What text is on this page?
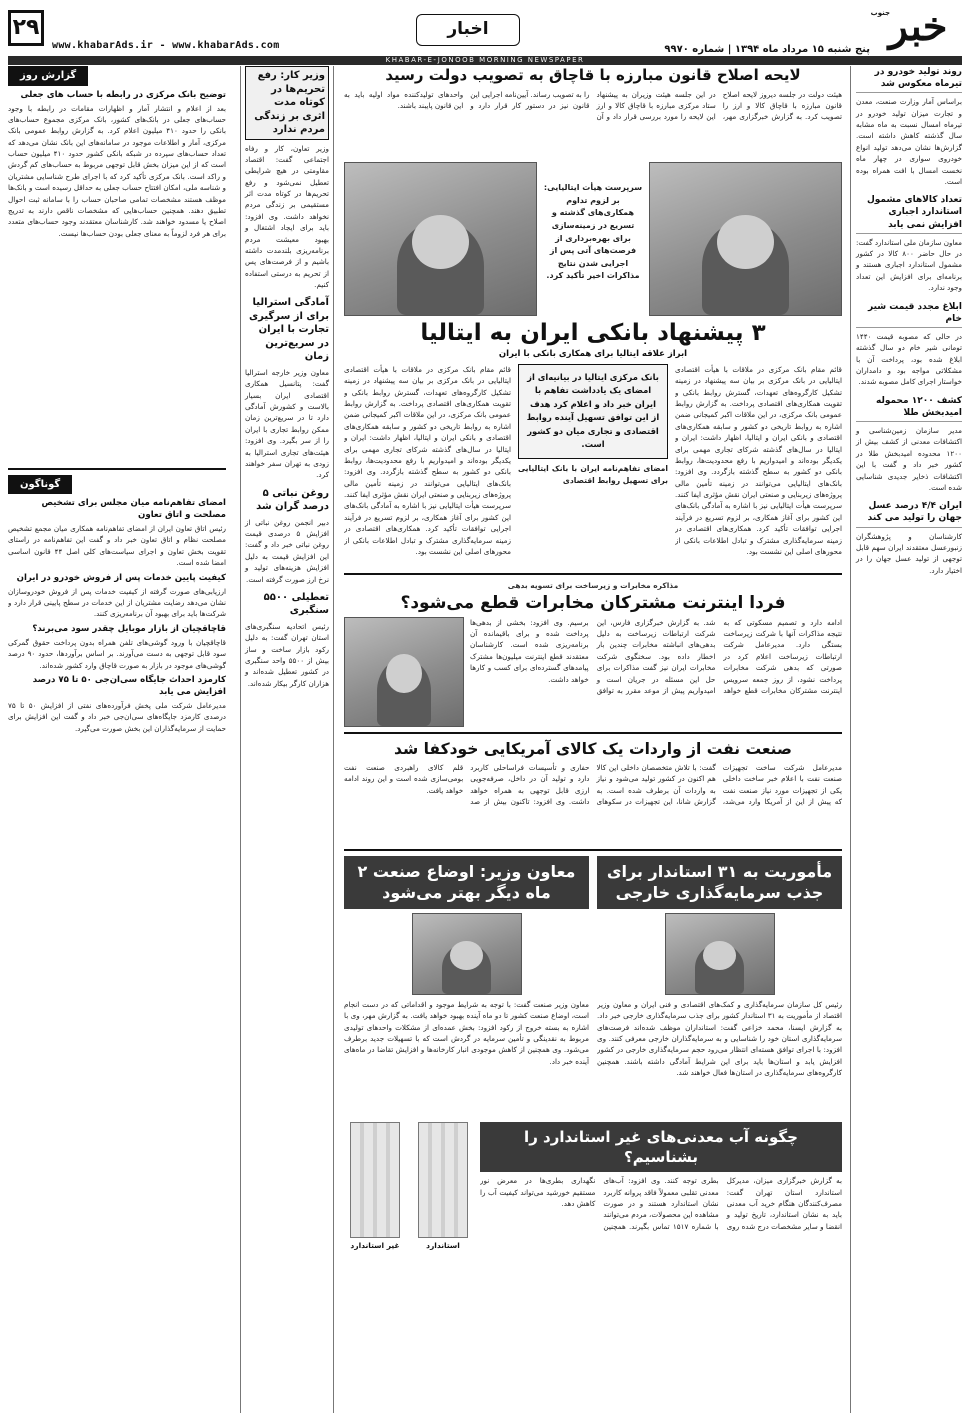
۲۹
www.khabarAds.ir - www.khabarAds.com
اخبار
جنوب
خبر
پنج شنبه ۱۵ مرداد ماه ۱۳۹۴ | شماره ۹۹۷۰
KHABAR-E-JONOOB MORNING NEWSPAPER
روند تولید خودرو در تیرماه معکوس شد
براساس آمار وزارت صنعت، معدن و تجارت میزان تولید خودرو در تیرماه امسال نسبت به ماه مشابه سال گذشته کاهش داشته است. گزارش‌ها نشان می‌دهد تولید انواع خودروی سواری در چهار ماه نخست امسال با افت همراه بوده است.
تعداد کالاهای مشمول استاندارد اجباری افزایش نمی یابد
معاون سازمان ملی استاندارد گفت: در حال حاضر ۸۰۰ کالا در کشور مشمول استاندارد اجباری هستند و برنامه‌ای برای افزایش این تعداد وجود ندارد.
ابلاغ مجدد قیمت شیر خام
در حالی که مصوبه قیمت ۱۴۴۰ تومانی شیر خام دو سال گذشته ابلاغ شده بود، پرداخت آن با مشکلاتی مواجه بود و دامداران خواستار اجرای کامل مصوبه شدند.
کشف ۱۲۰۰ محموله امیدبخش طلا
مدیر سازمان زمین‌شناسی و اکتشافات معدنی از کشف بیش از ۱۲۰۰ محدوده امیدبخش طلا در کشور خبر داد و گفت با این اکتشافات ذخایر جدیدی شناسایی شده است.
ایران ۴/۴ درصد عسل جهان را تولید می کند
کارشناسان و پژوهشگران زنبورعسل معتقدند ایران سهم قابل توجهی از تولید عسل جهان را در اختیار دارد.
لایحه اصلاح قانون مبارزه با قاچاق به تصویب دولت رسید
هیئت دولت در جلسه دیروز لایحه اصلاح قانون مبارزه با قاچاق کالا و ارز را تصویب کرد. به گزارش خبرگزاری مهر، در این جلسه هیئت وزیران به پیشنهاد ستاد مرکزی مبارزه با قاچاق کالا و ارز این لایحه را مورد بررسی قرار داد و آن را به تصویب رساند. آیین‌نامه اجرایی این قانون نیز در دستور کار قرار دارد و واحدهای تولیدکننده مواد اولیه باید به این قانون پایبند باشند.
سرپرست هیأت ایتالیایی: بر لزوم تداوم همکاری‌های گذشته و تسریع در زمینه‌سازی برای بهره‌برداری از فرصت‌های آتی پس از اجرایی شدن نتایج مذاکرات اخیر تأکید کرد.
۳ پیشنهاد بانکی ایران به ایتالیا
ابراز علاقه ایتالیا برای همکاری بانکی با ایران
قائم مقام بانک مرکزی در ملاقات با هیأت اقتصادی ایتالیایی در بانک مرکزی بر بیان سه پیشنهاد در زمینه تشکیل کارگروه‌های تعهدات، گسترش روابط بانکی و تقویت همکاری‌های اقتصادی پرداخت. به گزارش روابط عمومی بانک مرکزی، در این ملاقات اکبر کمیجانی ضمن اشاره به روابط تاریخی دو کشور و سابقه همکاری‌های اقتصادی و بانکی ایران و ایتالیا، اظهار داشت: ایران و ایتالیا در سال‌های گذشته شرکای تجاری مهمی برای یکدیگر بوده‌اند و امیدواریم با رفع محدودیت‌ها، روابط بانکی دو کشور به سطح گذشته بازگردد. وی افزود: بانک‌های ایتالیایی می‌توانند در زمینه تأمین مالی پروژه‌های زیربنایی و صنعتی ایران نقش مؤثری ایفا کنند. سرپرست هیأت ایتالیایی نیز با اشاره به آمادگی بانک‌های این کشور برای آغاز همکاری، بر لزوم تسریع در فرآیند اجرایی توافقات تأکید کرد. همکاری‌های اقتصادی در زمینه سرمایه‌گذاری مشترک و تبادل اطلاعات بانکی از محورهای اصلی این نشست بود.
بانک مرکزی ایتالیا در بیانیه‌ای از امضای یک یادداشت تفاهم با ایران خبر داد و اعلام کرد هدف از این توافق تسهیل آینده روابط اقتصادی و تجاری میان دو کشور است.
امضای تفاهم‌نامه ایران با بانک ایتالیایی برای تسهیل روابط اقتصادی
قائم مقام بانک مرکزی در ملاقات با هیأت اقتصادی ایتالیایی در بانک مرکزی بر بیان سه پیشنهاد در زمینه تشکیل کارگروه‌های تعهدات، گسترش روابط بانکی و تقویت همکاری‌های اقتصادی پرداخت. به گزارش روابط عمومی بانک مرکزی، در این ملاقات اکبر کمیجانی ضمن اشاره به روابط تاریخی دو کشور و سابقه همکاری‌های اقتصادی و بانکی ایران و ایتالیا، اظهار داشت: ایران و ایتالیا در سال‌های گذشته شرکای تجاری مهمی برای یکدیگر بوده‌اند و امیدواریم با رفع محدودیت‌ها، روابط بانکی دو کشور به سطح گذشته بازگردد. وی افزود: بانک‌های ایتالیایی می‌توانند در زمینه تأمین مالی پروژه‌های زیربنایی و صنعتی ایران نقش مؤثری ایفا کنند. سرپرست هیأت ایتالیایی نیز با اشاره به آمادگی بانک‌های این کشور برای آغاز همکاری، بر لزوم تسریع در فرآیند اجرایی توافقات تأکید کرد. همکاری‌های اقتصادی در زمینه سرمایه‌گذاری مشترک و تبادل اطلاعات بانکی از محورهای اصلی این نشست بود.
مذاکره مخابرات و زیرساخت برای تسویه بدهی
فردا اینترنت مشترکان مخابرات قطع می‌شود؟
ادامه دارد و تصمیم مسکوتی که به نتیجه مذاکرات آنها با شرکت زیرساخت بستگی دارد. مدیرعامل شرکت ارتباطات زیرساخت اعلام کرد در صورتی که بدهی شرکت مخابرات پرداخت نشود، از روز جمعه سرویس اینترنت مشترکان مخابرات قطع خواهد شد. به گزارش خبرگزاری فارس، این شرکت ارتباطات زیرساخت به دلیل بدهی‌های انباشته مخابرات چندین بار اخطار داده بود. سخنگوی شرکت مخابرات ایران نیز گفت مذاکرات برای حل این مسئله در جریان است و امیدواریم پیش از موعد مقرر به توافق برسیم. وی افزود: بخشی از بدهی‌ها پرداخت شده و برای باقیمانده آن برنامه‌ریزی شده است. کارشناسان معتقدند قطع اینترنت میلیون‌ها مشترک پیامدهای گسترده‌ای برای کسب و کارها خواهد داشت.
صنعت نفت از واردات یک کالای آمریکایی خودکفا شد
مدیرعامل شرکت ساخت تجهیزات صنعت نفت با اعلام خبر ساخت داخلی یکی از تجهیزات مورد نیاز صنعت نفت که پیش از این از آمریکا وارد می‌شد، گفت: با تلاش متخصصان داخلی این کالا هم اکنون در کشور تولید می‌شود و نیاز به واردات آن برطرف شده است. به گزارش شانا، این تجهیزات در سکوهای حفاری و تأسیسات فراساحلی کاربرد دارد و تولید آن در داخل، صرفه‌جویی ارزی قابل توجهی به همراه خواهد داشت. وی افزود: تاکنون بیش از صد قلم کالای راهبردی صنعت نفت بومی‌سازی شده است و این روند ادامه خواهد یافت.
مأموریت به ۳۱ استاندار برای جذب سرمایه‌گذاری خارجی
رئیس کل سازمان سرمایه‌گذاری و کمک‌های اقتصادی و فنی ایران و معاون وزیر اقتصاد از مأموریت به ۳۱ استاندار کشور برای جذب سرمایه‌گذاری خارجی خبر داد. به گزارش ایسنا، محمد خزاعی گفت: استانداران موظف شده‌اند فرصت‌های سرمایه‌گذاری استان خود را شناسایی و به سرمایه‌گذاران خارجی معرفی کنند. وی افزود: با اجرای توافق هسته‌ای انتظار می‌رود حجم سرمایه‌گذاری خارجی در کشور افزایش یابد و استان‌ها باید برای این شرایط آمادگی داشته باشند. همچنین کارگروه‌های سرمایه‌گذاری در استان‌ها فعال خواهند شد.
معاون وزیر: اوضاع صنعت ۲ ماه دیگر بهتر می‌شود
معاون وزیر صنعت گفت: با توجه به شرایط موجود و اقداماتی که در دست انجام است، اوضاع صنعت کشور تا دو ماه آینده بهبود خواهد یافت. به گزارش مهر، وی با اشاره به بسته خروج از رکود افزود: بخش عمده‌ای از مشکلات واحدهای تولیدی مربوط به نقدینگی و تأمین سرمایه در گردش است که با تسهیلات جدید برطرف می‌شود. وی همچنین از کاهش موجودی انبار کارخانه‌ها و افزایش تقاضا در ماه‌های آینده خبر داد.
چگونه آب معدنی‌های غیر استاندارد را بشناسیم؟
به گزارش خبرگزاری میزان، مدیرکل استاندارد استان تهران گفت: مصرف‌کنندگان هنگام خرید آب معدنی باید به نشان استاندارد، تاریخ تولید و انقضا و سایر مشخصات درج شده روی بطری توجه کنند. وی افزود: آب‌های معدنی تقلبی معمولاً فاقد پروانه کاربرد نشان استاندارد هستند و در صورت مشاهده این محصولات، مردم می‌توانند با شماره ۱۵۱۷ تماس بگیرند. همچنین نگهداری بطری‌ها در معرض نور مستقیم خورشید می‌تواند کیفیت آب را کاهش دهد.
استاندارد
غیر استاندارد
وزیر کار: رفع تحریم‌ها در کوتاه مدت اثری بر زندگی مردم ندارد
وزیر تعاون، کار و رفاه اجتماعی گفت: اقتصاد مقاومتی در هیچ شرایطی تعطیل نمی‌شود و رفع تحریم‌ها در کوتاه مدت اثر مستقیمی بر زندگی مردم نخواهد داشت. وی افزود: باید برای ایجاد اشتغال و بهبود معیشت مردم برنامه‌ریزی بلندمدت داشته باشیم و از فرصت‌های پس از تحریم به درستی استفاده کنیم.
آمادگی استرالیا برای از سرگیری تجارت با ایران در سریع‌ترین زمان
معاون وزیر خارجه استرالیا گفت: پتانسیل همکاری اقتصادی ایران بسیار بالاست و کشورش آمادگی دارد تا در سریع‌ترین زمان ممکن روابط تجاری با ایران را از سر بگیرد. وی افزود: هیئت‌های تجاری استرالیا به زودی به تهران سفر خواهند کرد.
روغن نباتی ۵ درصد گران شد
دبیر انجمن روغن نباتی از افزایش ۵ درصدی قیمت روغن نباتی خبر داد و گفت: این افزایش قیمت به دلیل افزایش هزینه‌های تولید و نرخ ارز صورت گرفته است.
تعطیلی ۵۵۰۰ سنگبری
رئیس اتحادیه سنگبری‌های استان تهران گفت: به دلیل رکود بازار ساخت و ساز بیش از ۵۵۰۰ واحد سنگبری در کشور تعطیل شده‌اند و هزاران کارگر بیکار شده‌اند.
گزارش روز
توضیح بانک مرکزی در رابطه با حساب های جعلی
بعد از اعلام و انتشار آمار و اظهارات مقامات در رابطه با وجود حساب‌های جعلی در بانک‌های کشور، بانک مرکزی مجموع حساب‌های بانکی را حدود ۴۱۰ میلیون اعلام کرد. به گزارش روابط عمومی بانک مرکزی، آمار و اطلاعات موجود در سامانه‌های این بانک نشان می‌دهد که تعداد حساب‌های سپرده در شبکه بانکی کشور حدود ۴۱۰ میلیون حساب است که از این میزان بخش قابل توجهی مربوط به حساب‌های کم گردش و راکد است. بانک مرکزی تأکید کرد که با اجرای طرح شناسایی مشتریان و شناسه ملی، امکان افتتاح حساب جعلی به حداقل رسیده است و بانک‌ها موظف هستند مشخصات تمامی صاحبان حساب را با سامانه ثبت احوال تطبیق دهند. همچنین حساب‌هایی که مشخصات ناقص دارند به تدریج اصلاح یا مسدود خواهند شد. کارشناسان معتقدند وجود حساب‌های متعدد برای هر فرد لزوماً به معنای جعلی بودن حساب‌ها نیست.
گوناگون
امضای تفاهم‌نامه میان مجلس برای تشخیص مصلحت و اتاق تعاون
رئیس اتاق تعاون ایران از امضای تفاهم‌نامه همکاری میان مجمع تشخیص مصلحت نظام و اتاق تعاون خبر داد و گفت این تفاهم‌نامه در راستای تقویت بخش تعاون و اجرای سیاست‌های کلی اصل ۴۴ قانون اساسی امضا شده است.
کیفیت پایین خدمات پس از فروش خودرو در ایران
ارزیابی‌های صورت گرفته از کیفیت خدمات پس از فروش خودروسازان نشان می‌دهد رضایت مشتریان از این خدمات در سطح پایینی قرار دارد و شرکت‌ها باید برای بهبود آن برنامه‌ریزی کنند.
قاچاقچیان از بازار موبایل چقدر سود می‌برند؟
قاچاقچیان با ورود گوشی‌های تلفن همراه بدون پرداخت حقوق گمرکی سود قابل توجهی به دست می‌آورند. بر اساس برآوردها، حدود ۹۰ درصد گوشی‌های موجود در بازار به صورت قاچاق وارد کشور شده‌اند.
کارمزد احداث جایگاه سی‌ان‌جی ۵۰ تا ۷۵ درصد افزایش می یابد
مدیرعامل شرکت ملی پخش فرآورده‌های نفتی از افزایش ۵۰ تا ۷۵ درصدی کارمزد جایگاه‌های سی‌ان‌جی خبر داد و گفت این افزایش برای حمایت از سرمایه‌گذاران این بخش صورت می‌گیرد.
